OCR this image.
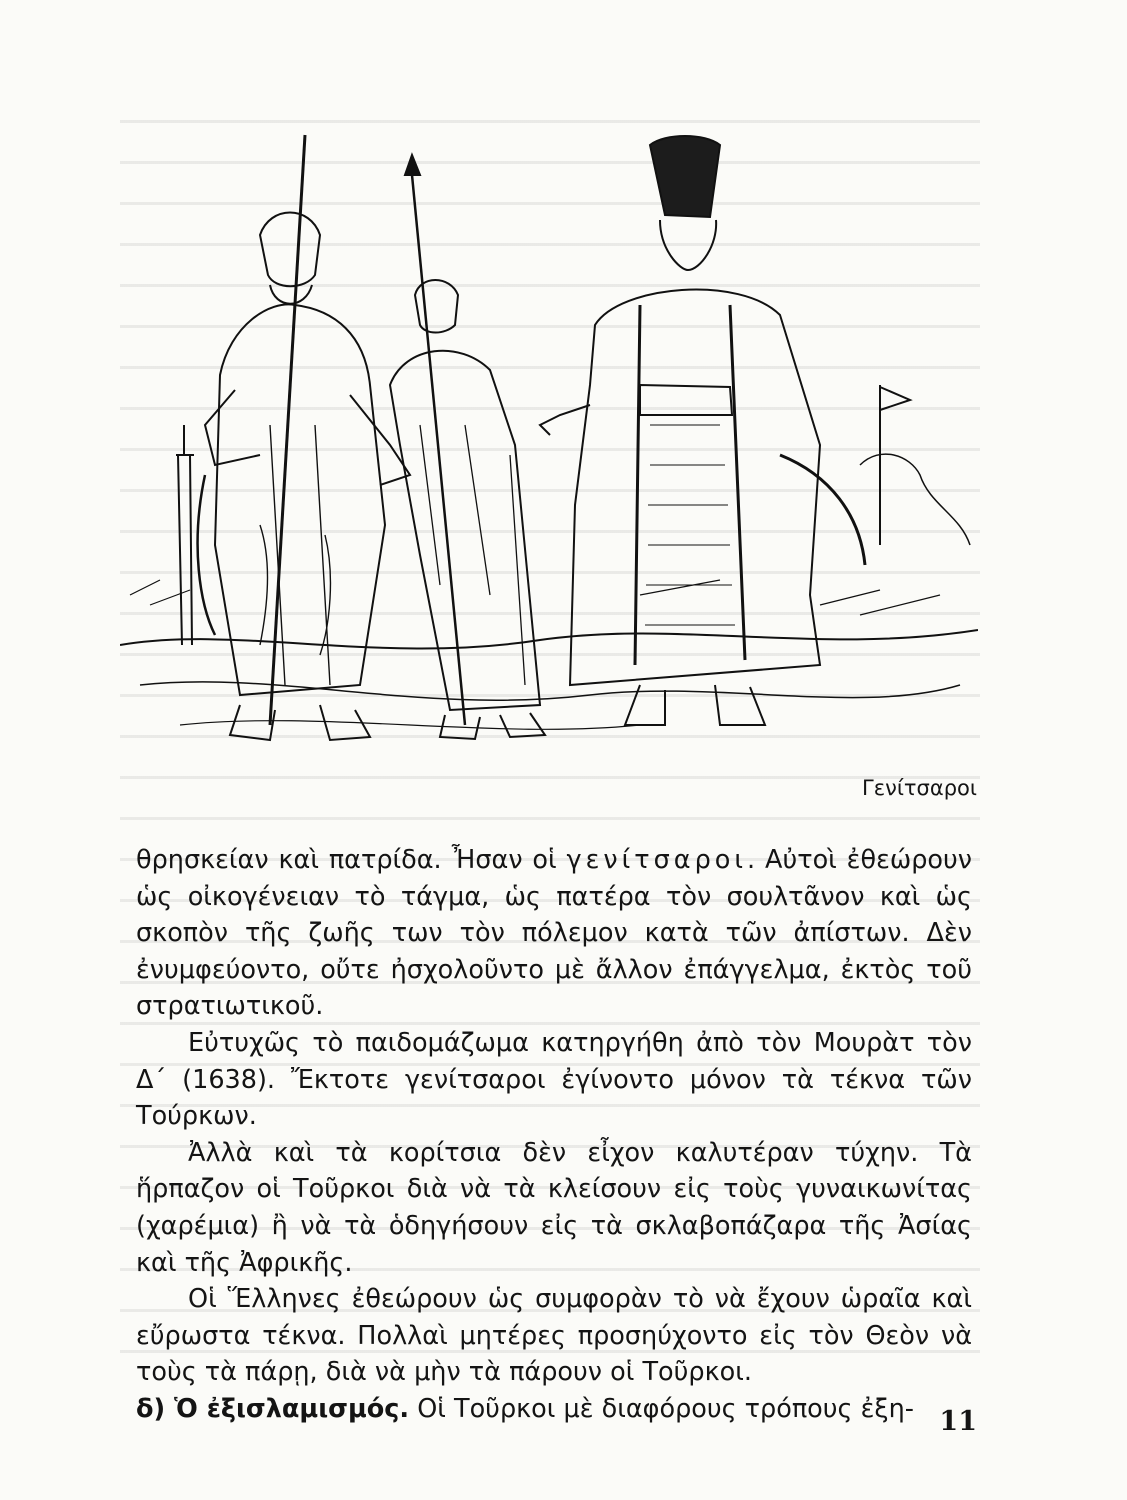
Γενίτσαροι

θρησκείαν καὶ πατρίδα. Ἦσαν οἱ γενίτσαροι. Αὐτοὶ ἐθεώρουν ὡς οἰκογένειαν τὸ τάγμα, ὡς πατέρα τὸν σουλτᾶνον καὶ ὡς σκοπὸν τῆς ζωῆς των τὸν πόλεμον κατὰ τῶν ἀπίστων. Δὲν ἐνυμφεύοντο, οὔτε ἠσχολοῦντο μὲ ἄλλον ἐπάγγελμα, ἐκτὸς τοῦ στρατιωτικοῦ.

Εὐτυχῶς τὸ παιδομάζωμα κατηργήθη ἀπὸ τὸν Μουρὰτ τὸν Δ΄ (1638). Ἔκτοτε γενίτσαροι ἐγίνοντο μόνον τὰ τέκνα τῶν Τούρκων.

Ἀλλὰ καὶ τὰ κορίτσια δὲν εἶχον καλυτέραν τύχην. Τὰ ἥρπαζον οἱ Τοῦρκοι διὰ νὰ τὰ κλείσουν εἰς τοὺς γυναικωνίτας (χαρέμια) ἢ νὰ τὰ ὁδηγήσουν εἰς τὰ σκλαβοπάζαρα τῆς Ἀσίας καὶ τῆς Ἀφρικῆς.

Οἱ Ἕλληνες ἐθεώρουν ὡς συμφορὰν τὸ νὰ ἔχουν ὡραῖα καὶ εὔρωστα τέκνα. Πολλαὶ μητέρες προσηύχοντο εἰς τὸν Θεὸν νὰ τοὺς τὰ πάρῃ, διὰ νὰ μὴν τὰ πάρουν οἱ Τοῦρκοι.

δ) Ὁ ἐξισλαμισμός. Οἱ Τοῦρκοι μὲ διαφόρους τρόπους ἐξη- 11
